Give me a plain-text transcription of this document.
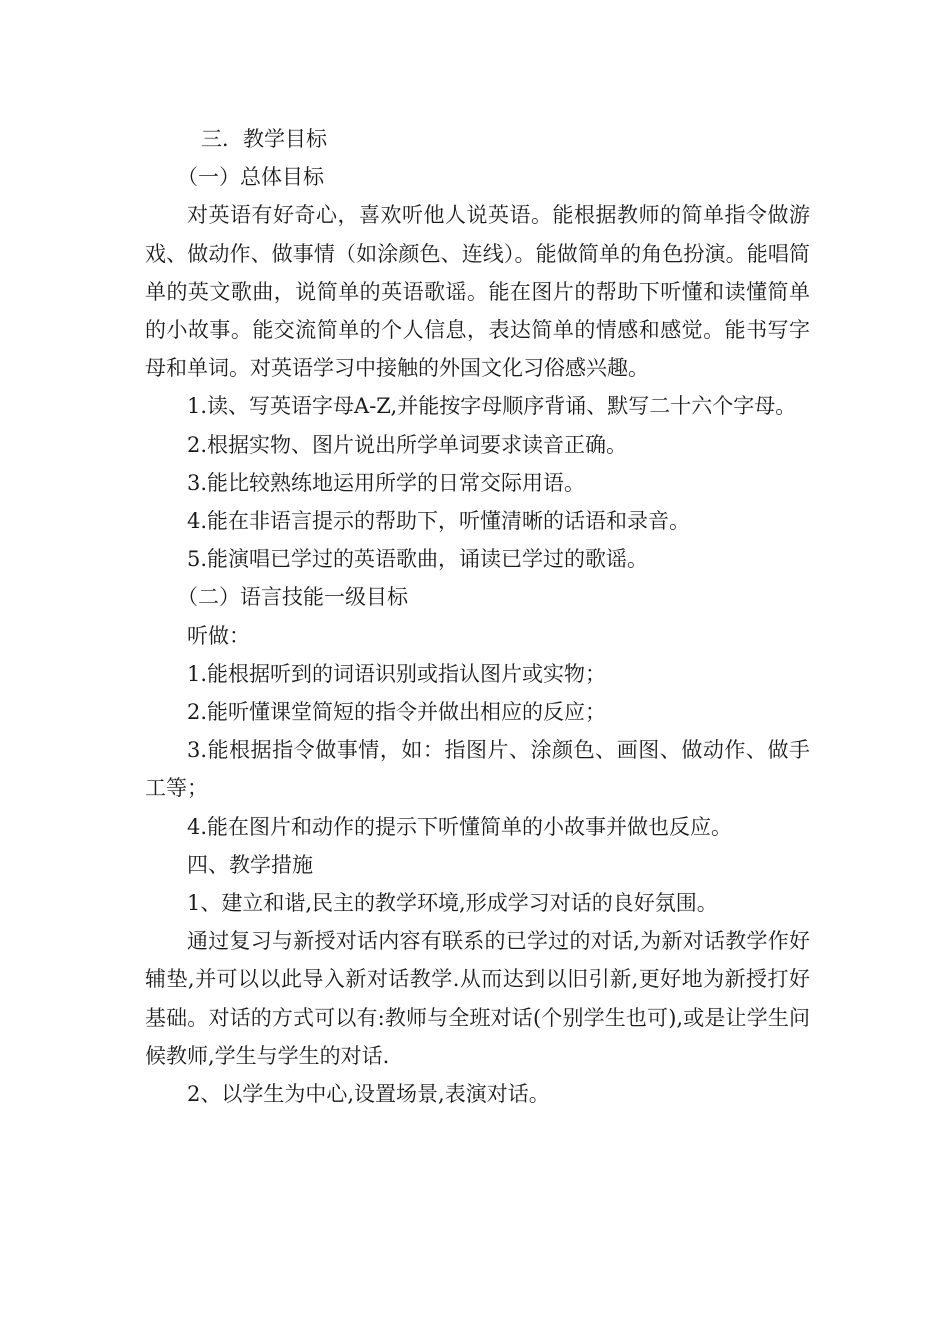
三．教学目标

（一）总体目标

对英语有好奇心，喜欢听他人说英语。能根据教师的简单指令做游戏、做动作、做事情（如涂颜色、连线）。能做简单的角色扮演。能唱简单的英文歌曲，说简单的英语歌谣。能在图片的帮助下听懂和读懂简单的小故事。能交流简单的个人信息，表达简单的情感和感觉。能书写字母和单词。对英语学习中接触的外国文化习俗感兴趣。

1.读、写英语字母A-Z,并能按字母顺序背诵、默写二十六个字母。

2.根据实物、图片说出所学单词要求读音正确。

3.能比较熟练地运用所学的日常交际用语。

4.能在非语言提示的帮助下，听懂清晰的话语和录音。

5.能演唱已学过的英语歌曲，诵读已学过的歌谣。

（二）语言技能一级目标

听做：

1.能根据听到的词语识别或指认图片或实物；

2.能听懂课堂简短的指令并做出相应的反应；

3.能根据指令做事情，如：指图片、涂颜色、画图、做动作、做手工等；

4.能在图片和动作的提示下听懂简单的小故事并做也反应。

四、教学措施

1、建立和谐,民主的教学环境,形成学习对话的良好氛围。

通过复习与新授对话内容有联系的已学过的对话,为新对话教学作好辅垫,并可以以此导入新对话教学.从而达到以旧引新,更好地为新授打好基础。对话的方式可以有:教师与全班对话(个别学生也可),或是让学生问候教师,学生与学生的对话.

2、以学生为中心,设置场景,表演对话。
